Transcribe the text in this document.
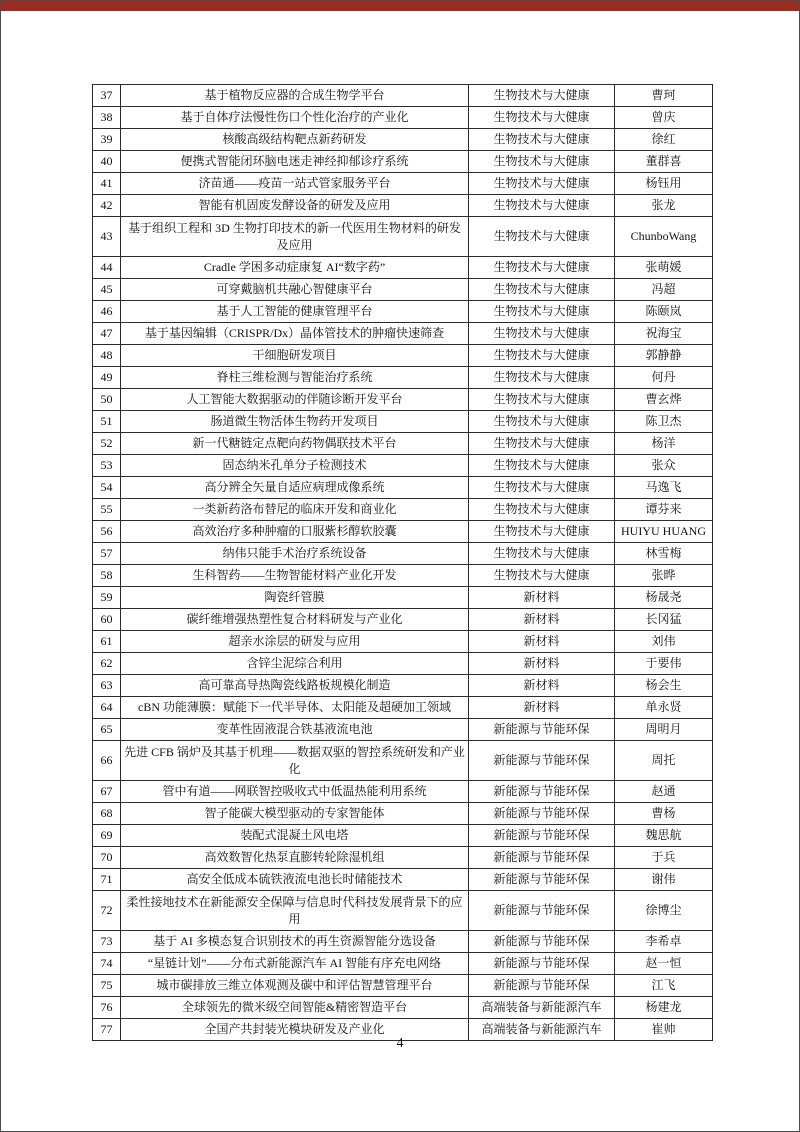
37	基于植物反应器的合成生物学平台	生物技术与大健康	曹珂
38	基于自体疗法慢性伤口个性化治疗的产业化	生物技术与大健康	曾庆
39	核酸高级结构靶点新药研发	生物技术与大健康	徐红
40	便携式智能闭环脑电迷走神经抑郁诊疗系统	生物技术与大健康	董群喜
41	济苗通——疫苗一站式管家服务平台	生物技术与大健康	杨钰用
42	智能有机固废发酵设备的研发及应用	生物技术与大健康	张龙
43	基于组织工程和 3D 生物打印技术的新一代医用生物材料的研发及应用	生物技术与大健康	ChunboWang
44	Cradle 学困多动症康复 AI“数字药”	生物技术与大健康	张萌媛
45	可穿戴脑机共融心智健康平台	生物技术与大健康	冯超
46	基于人工智能的健康管理平台	生物技术与大健康	陈颐岚
47	基于基因编辑（CRISPR/Dx）晶体管技术的肿瘤快速筛查	生物技术与大健康	祝海宝
48	干细胞研发项目	生物技术与大健康	郭静静
49	脊柱三维检测与智能治疗系统	生物技术与大健康	何丹
50	人工智能大数据驱动的伴随诊断开发平台	生物技术与大健康	曹玄烨
51	肠道微生物活体生物药开发项目	生物技术与大健康	陈卫杰
52	新一代糖链定点靶向药物偶联技术平台	生物技术与大健康	杨洋
53	固态纳米孔单分子检测技术	生物技术与大健康	张众
54	高分辨全矢量自适应病理成像系统	生物技术与大健康	马逸飞
55	一类新药洛布替尼的临床开发和商业化	生物技术与大健康	谭芬来
56	高效治疗多种肿瘤的口服紫杉醇软胶囊	生物技术与大健康	HUIYU HUANG
57	纳伟只能手术治疗系统设备	生物技术与大健康	林雪梅
58	生科智药——生物智能材料产业化开发	生物技术与大健康	张晔
59	陶瓷纤管膜	新材料	杨晟尧
60	碳纤维增强热塑性复合材料研发与产业化	新材料	长冈猛
61	超亲水涂层的研发与应用	新材料	刘伟
62	含锌尘泥综合利用	新材料	于要伟
63	高可靠高导热陶瓷线路板规模化制造	新材料	杨会生
64	cBN 功能薄膜：赋能下一代半导体、太阳能及超硬加工领域	新材料	单永贤
65	变革性固液混合铁基液流电池	新能源与节能环保	周明月
66	先进 CFB 锅炉及其基于机理——数据双驱的智控系统研发和产业化	新能源与节能环保	周托
67	管中有道——网联智控吸收式中低温热能利用系统	新能源与节能环保	赵通
68	智子能碳大模型驱动的专家智能体	新能源与节能环保	曹杨
69	装配式混凝土风电塔	新能源与节能环保	魏思航
70	高效数智化热泵直膨转轮除湿机组	新能源与节能环保	于兵
71	高安全低成本硫铁液流电池长时储能技术	新能源与节能环保	谢伟
72	柔性接地技术在新能源安全保障与信息时代科技发展背景下的应用	新能源与节能环保	徐博尘
73	基于 AI 多模态复合识别技术的再生资源智能分选设备	新能源与节能环保	李希卓
74	“星链计划”——分布式新能源汽车 AI 智能有序充电网络	新能源与节能环保	赵一恒
75	城市碳排放三维立体观测及碳中和评估智慧管理平台	新能源与节能环保	江飞
76	全球领先的微米级空间智能&精密智造平台	高端装备与新能源汽车	杨建龙
77	全国产共封装光模块研发及产业化	高端装备与新能源汽车	崔帅
4
